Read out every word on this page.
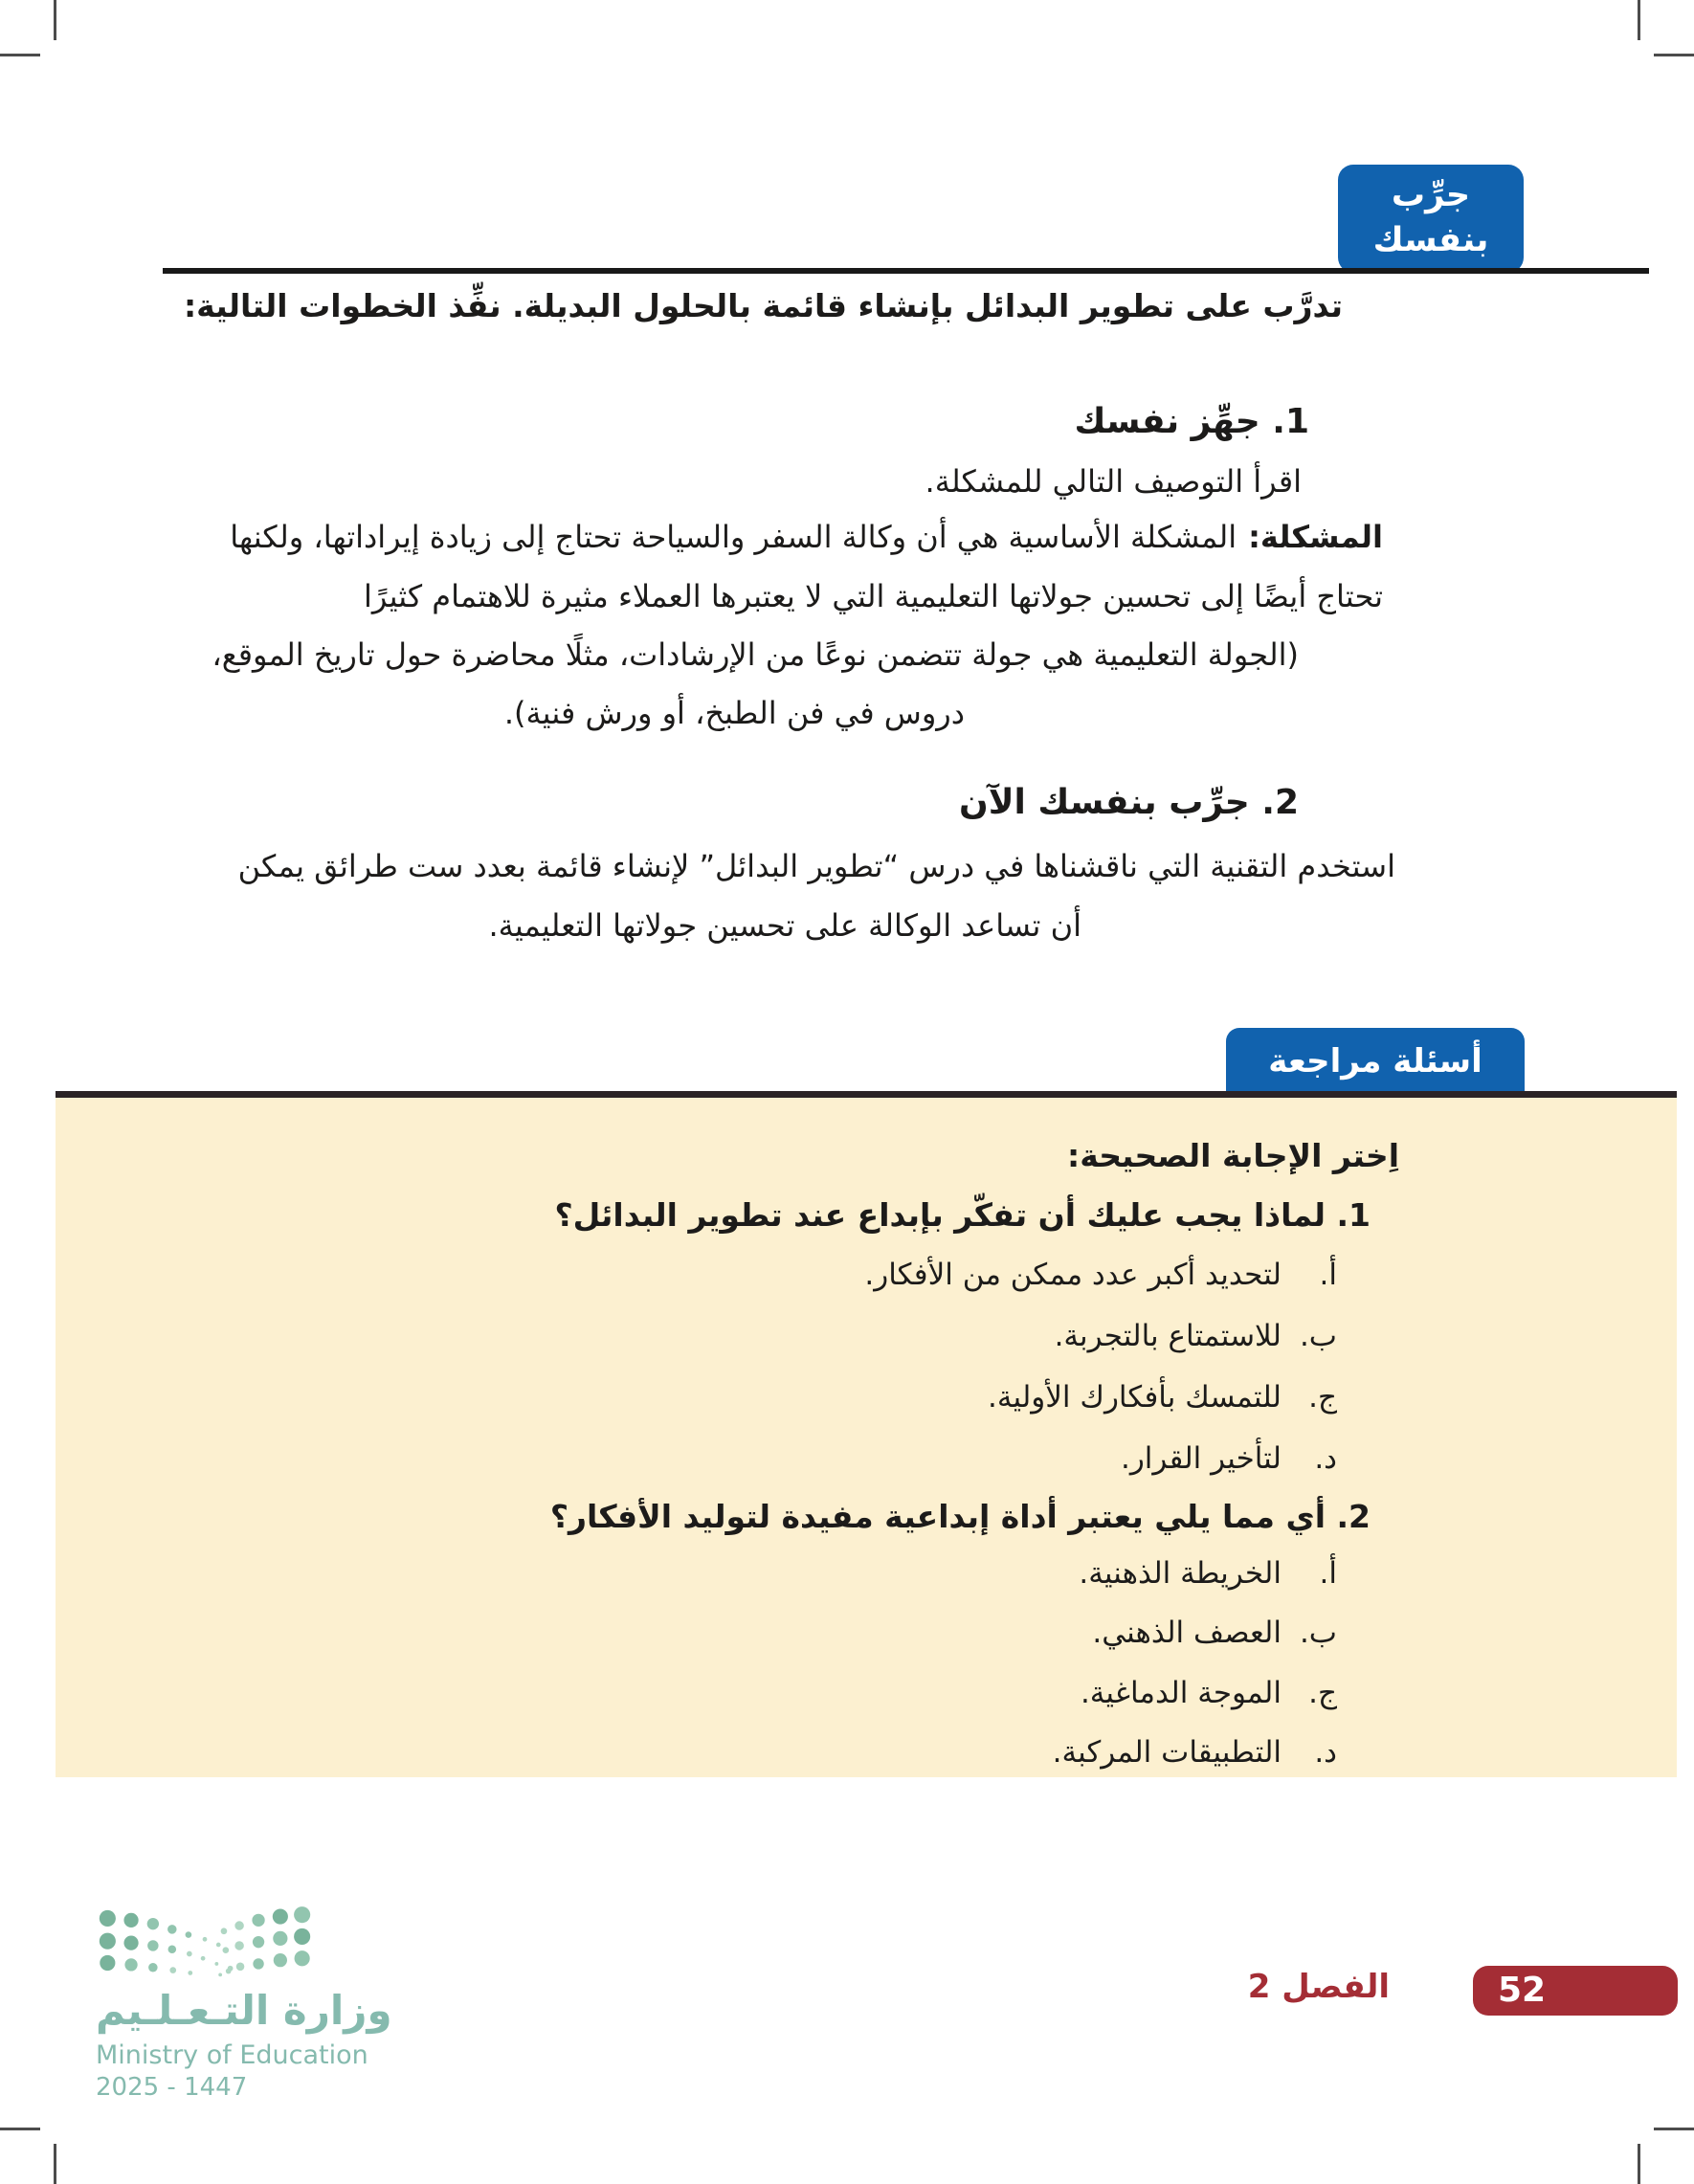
جرِّب
بنفسك
تدرَّب على تطوير البدائل بإنشاء قائمة بالحلول البديلة. نفِّذ الخطوات التالية:
1. جهِّز نفسك
اقرأ التوصيف التالي للمشكلة.
المشكلة:المشكلة الأساسية هي أن وكالة السفر والسياحة تحتاج إلى زيادة إيراداتها، ولكنها
تحتاج أيضًا إلى تحسين جولاتها التعليمية التي لا يعتبرها العملاء مثيرة للاهتمام كثيرًا
(الجولة التعليمية هي جولة تتضمن نوعًا من الإرشادات، مثلًا محاضرة حول تاريخ الموقع،
دروس في فن الطبخ، أو ورش فنية).
2. جرِّب بنفسك الآن
استخدم التقنية التي ناقشناها في درس “تطوير البدائل” لإنشاء قائمة بعدد ست طرائق يمكن
أن تساعد الوكالة على تحسين جولاتها التعليمية.
أسئلة مراجعة
اِختر الإجابة الصحيحة:
1. لماذا يجب عليك أن تفكّر بإبداع عند تطوير البدائل؟
أ.
لتحديد أكبر عدد ممكن من الأفكار.
ب.
للاستمتاع بالتجربة.
ج.
للتمسك بأفكارك الأولية.
د.
لتأخير القرار.
2. أي مما يلي يعتبر أداة إبداعية مفيدة لتوليد الأفكار؟
أ.
الخريطة الذهنية.
ب.
العصف الذهني.
ج.
الموجة الدماغية.
د.
التطبيقات المركبة.
وزارة التـعـلـيم
Ministry of Education
2025 - 1447
الفصل 2	52
